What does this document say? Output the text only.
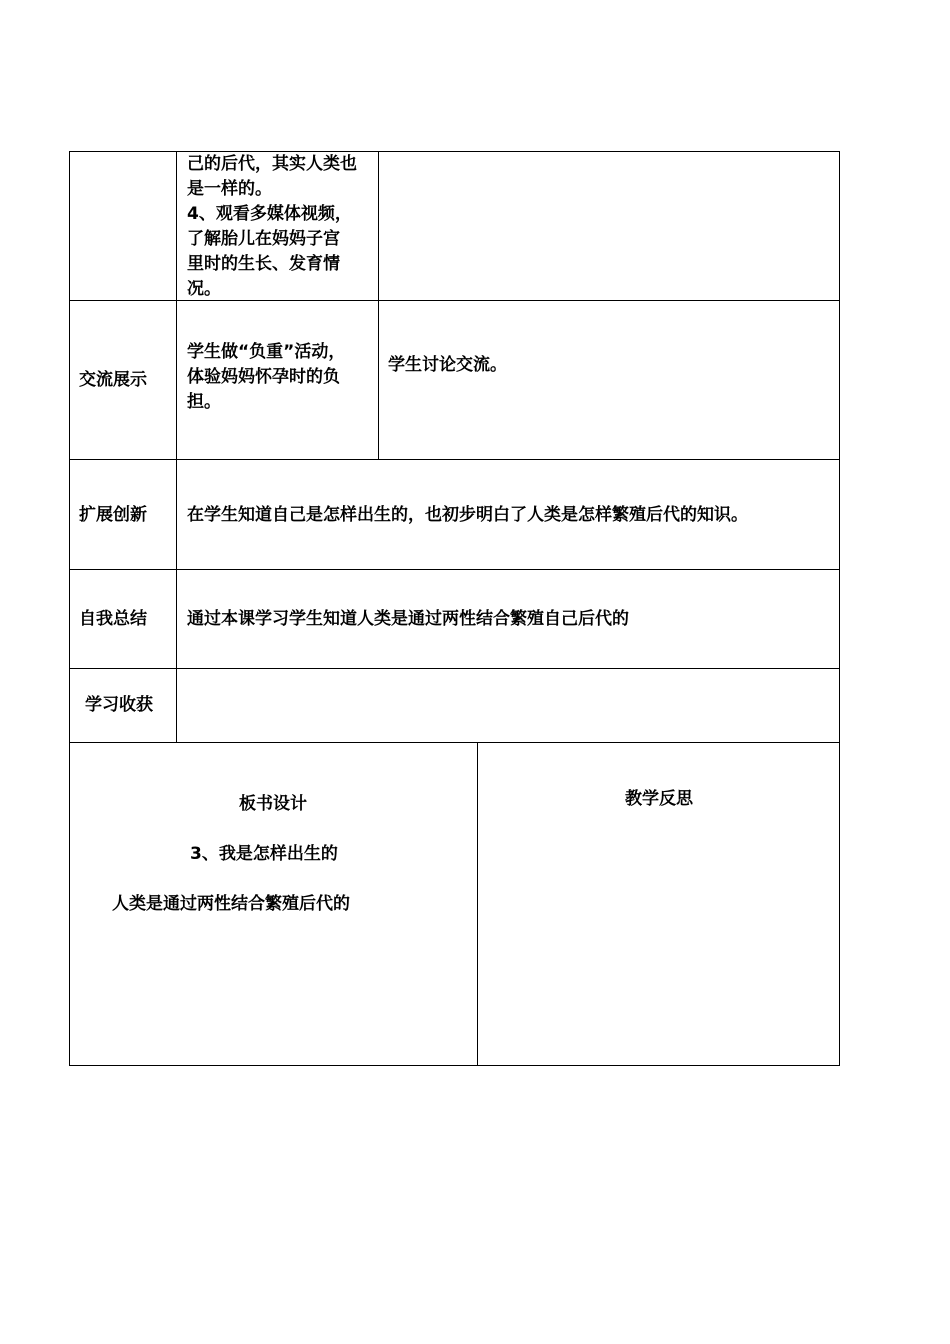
己的后代，其实人类也
是一样的。
4、观看多媒体视频，
了解胎儿在妈妈子宫
里时的生长、发育情
况。
交流展示
学生做“负重”活动，
体验妈妈怀孕时的负
担。
学生讨论交流。
扩展创新	在学生知道自己是怎样出生的，也初步明白了人类是怎样繁殖后代的知识。
自我总结	通过本课学习学生知道人类是通过两性结合繁殖自己后代的
学习收获
板书设计
3、我是怎样出生的
人类是通过两性结合繁殖后代的
教学反思
